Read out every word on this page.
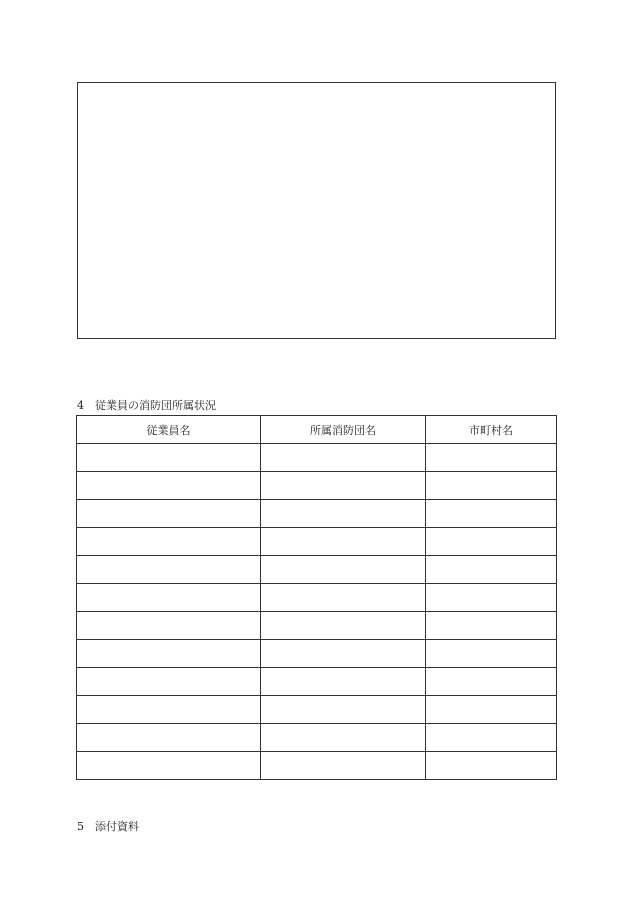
4 従業員の消防団所属状況
従業員名	所属消防団名	市町村名

5 添付資料
